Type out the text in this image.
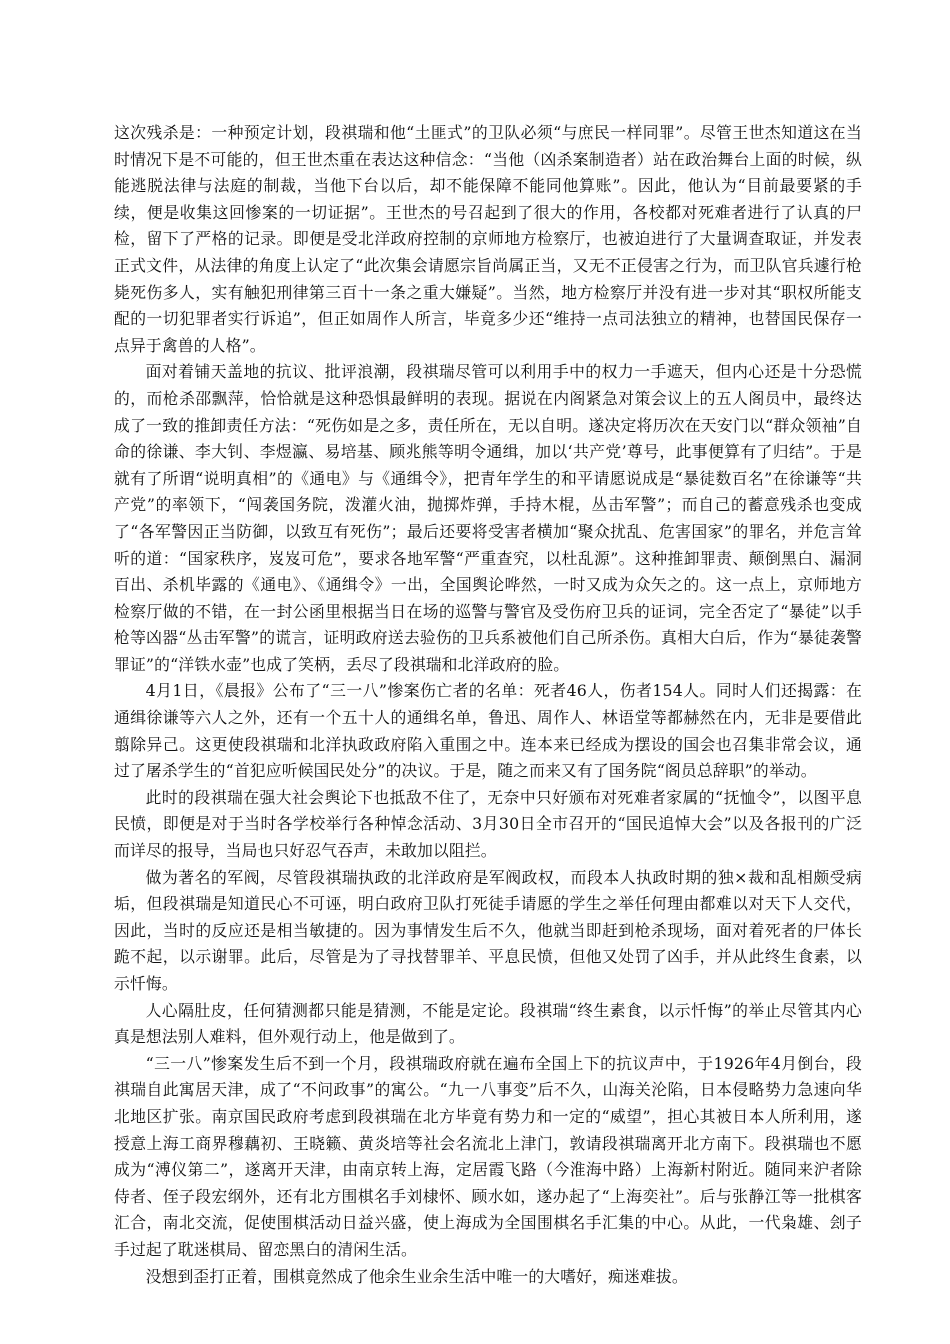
这次残杀是：一种预定计划，段祺瑞和他“土匪式”的卫队必须“与庶民一样同罪”。尽管王世杰知道这在当时情况下是不可能的，但王世杰重在表达这种信念：“当他（凶杀案制造者）站在政治舞台上面的时候，纵能逃脱法律与法庭的制裁，当他下台以后，却不能保障不能同他算账”。因此，他认为“目前最要紧的手续，便是收集这回惨案的一切证据”。王世杰的号召起到了很大的作用，各校都对死难者进行了认真的尸检，留下了严格的记录。即便是受北洋政府控制的京师地方检察厅，也被迫进行了大量调查取证，并发表正式文件，从法律的角度上认定了“此次集会请愿宗旨尚属正当，又无不正侵害之行为，而卫队官兵遽行枪毙死伤多人，实有触犯刑律第三百十一条之重大嫌疑”。当然，地方检察厅并没有进一步对其“职权所能支配的一切犯罪者实行诉追”，但正如周作人所言，毕竟多少还“维持一点司法独立的精神，也替国民保存一点异于禽兽的人格”。

面对着铺天盖地的抗议、批评浪潮，段祺瑞尽管可以利用手中的权力一手遮天，但内心还是十分恐慌的，而枪杀邵飘萍，恰恰就是这种恐惧最鲜明的表现。据说在内阁紧急对策会议上的五人阁员中，最终达成了一致的推卸责任方法：“死伤如是之多，责任所在，无以自明。遂决定将历次在天安门以“群众领袖”自命的徐谦、李大钊、李煜瀛、易培基、顾兆熊等明令通缉，加以‘共产党’尊号，此事便算有了归结”。于是就有了所谓“说明真相”的《通电》与《通缉令》，把青年学生的和平请愿说成是“暴徒数百名”在徐谦等“共产党”的率领下，“闯袭国务院，泼灌火油，抛掷炸弹，手持木棍，丛击军警”；而自己的蓄意残杀也变成了“各军警因正当防御，以致互有死伤”；最后还要将受害者横加“聚众扰乱、危害国家”的罪名，并危言耸听的道：“国家秩序，岌岌可危”，要求各地军警“严重查究，以杜乱源”。这种推卸罪责、颠倒黑白、漏洞百出、杀机毕露的《通电》、《通缉令》一出，全国舆论哗然，一时又成为众矢之的。这一点上，京师地方检察厅做的不错，在一封公函里根据当日在场的巡警与警官及受伤府卫兵的证词，完全否定了“暴徒”以手枪等凶器“丛击军警”的谎言，证明政府送去验伤的卫兵系被他们自己所杀伤。真相大白后，作为“暴徒袭警罪证”的“洋铁水壶”也成了笑柄，丢尽了段祺瑞和北洋政府的脸。

4月1日，《晨报》公布了“三一八”惨案伤亡者的名单：死者46人，伤者154人。同时人们还揭露：在通缉徐谦等六人之外，还有一个五十人的通缉名单，鲁迅、周作人、林语堂等都赫然在内，无非是要借此翦除异己。这更使段祺瑞和北洋执政政府陷入重围之中。连本来已经成为摆设的国会也召集非常会议，通过了屠杀学生的“首犯应听候国民处分”的决议。于是，随之而来又有了国务院“阁员总辞职”的举动。

此时的段祺瑞在强大社会舆论下也抵敌不住了，无奈中只好颁布对死难者家属的“抚恤令”，以图平息民愤，即便是对于当时各学校举行各种悼念活动、3月30日全市召开的“国民追悼大会”以及各报刊的广泛而详尽的报导，当局也只好忍气吞声，未敢加以阻拦。

做为著名的军阀，尽管段祺瑞执政的北洋政府是军阀政权，而段本人执政时期的独×裁和乱相颇受病垢，但段祺瑞是知道民心不可诬，明白政府卫队打死徒手请愿的学生之举任何理由都难以对天下人交代，因此，当时的反应还是相当敏捷的。因为事情发生后不久，他就当即赶到枪杀现场，面对着死者的尸体长跪不起，以示谢罪。此后，尽管是为了寻找替罪羊、平息民愤，但他又处罚了凶手，并从此终生食素，以示忏悔。

人心隔肚皮，任何猜测都只能是猜测，不能是定论。段祺瑞“终生素食，以示忏悔”的举止尽管其内心真是想法别人难料，但外观行动上，他是做到了。

“三一八”惨案发生后不到一个月，段祺瑞政府就在遍布全国上下的抗议声中，于1926年4月倒台，段祺瑞自此寓居天津，成了“不问政事”的寓公。“九一八事变”后不久，山海关沦陷，日本侵略势力急速向华北地区扩张。南京国民政府考虑到段祺瑞在北方毕竟有势力和一定的“威望”，担心其被日本人所利用，遂授意上海工商界穆藕初、王晓籁、黄炎培等社会名流北上津门，敦请段祺瑞离开北方南下。段祺瑞也不愿成为“溥仪第二”，遂离开天津，由南京转上海，定居霞飞路（今淮海中路）上海新村附近。随同来沪者除侍者、侄子段宏纲外，还有北方围棋名手刘棣怀、顾水如，遂办起了“上海奕社”。后与张静江等一批棋客汇合，南北交流，促使围棋活动日益兴盛，使上海成为全国围棋名手汇集的中心。从此，一代枭雄、刽子手过起了耽迷棋局、留恋黑白的清闲生活。

没想到歪打正着，围棋竟然成了他余生业余生活中唯一的大嗜好，痴迷难拔。
